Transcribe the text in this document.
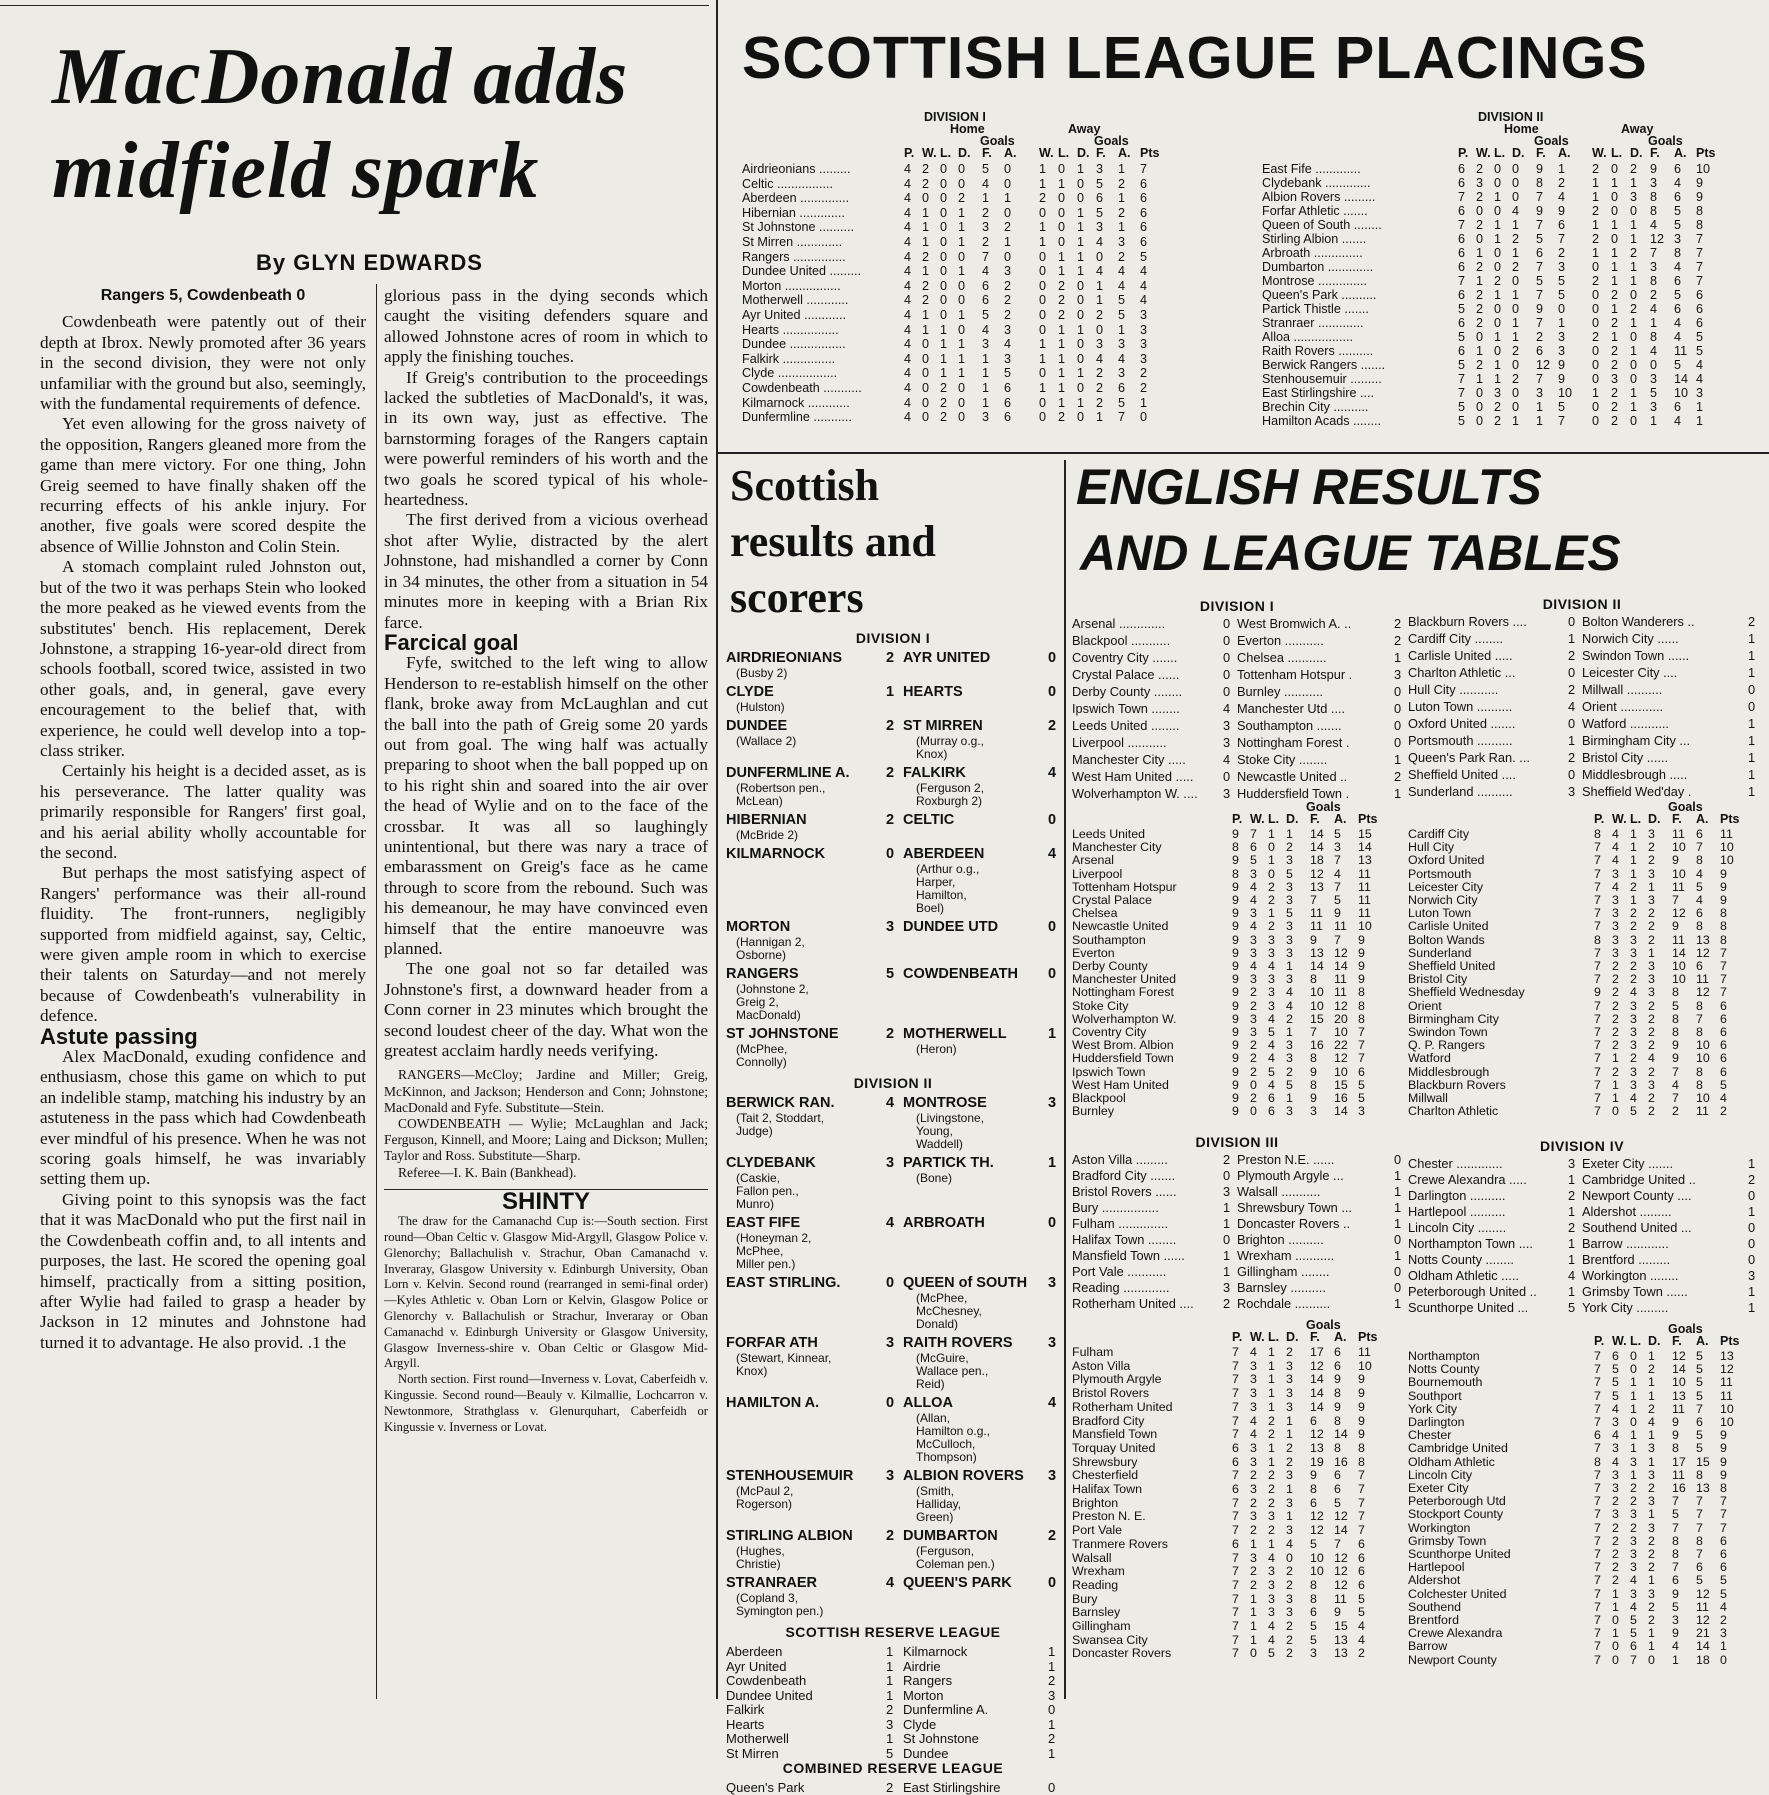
MacDonald adds
midfield spark
By GLYN EDWARDS
Rangers 5, Cowdenbeath 0

Cowdenbeath were patently out of their depth at Ibrox. Newly promoted after 36 years in the second division, they were not only unfamiliar with the ground but also, seemingly, with the fundamental requirements of defence.

Yet even allowing for the gross naivety of the opposition, Rangers gleaned more from the game than mere victory. For one thing, John Greig seemed to have finally shaken off the recurring effects of his ankle injury. For another, five goals were scored despite the absence of Willie Johnston and Colin Stein.

A stomach complaint ruled Johnston out, but of the two it was perhaps Stein who looked the more peaked as he viewed events from the substitutes' bench. His replacement, Derek Johnstone, a strapping 16-year-old direct from schools football, scored twice, assisted in two other goals, and, in general, gave every encouragement to the belief that, with experience, he could well develop into a top-class striker.

Certainly his height is a decided asset, as is his perseverance. The latter quality was primarily responsible for Rangers' first goal, and his aerial ability wholly accountable for the second.

But perhaps the most satisfying aspect of Rangers' performance was their all-round fluidity. The front-runners, negligibly supported from midfield against, say, Celtic, were given ample room in which to exercise their talents on Saturday—and not merely because of Cowdenbeath's vulnerability in defence.

Astute passing

Alex MacDonald, exuding confidence and enthusiasm, chose this game on which to put an indelible stamp, matching his industry by an astuteness in the pass which had Cowdenbeath ever mindful of his presence. When he was not scoring goals himself, he was invariably setting them up.

Giving point to this synopsis was the fact that it was MacDonald who put the first nail in the Cowdenbeath coffin and, to all intents and purposes, the last. He scored the opening goal himself, practically from a sitting position, after Wylie had failed to grasp a header by Jackson in 12 minutes and Johnstone had turned it to advantage. He also provid. .1 the

glorious pass in the dying seconds which caught the visiting defenders square and allowed Johnstone acres of room in which to apply the finishing touches.

If Greig's contribution to the proceedings lacked the subtleties of MacDonald's, it was, in its own way, just as effective. The barnstorming forages of the Rangers captain were powerful reminders of his worth and the two goals he scored typical of his whole-heartedness.

The first derived from a vicious overhead shot after Wylie, distracted by the alert Johnstone, had mishandled a corner by Conn in 34 minutes, the other from a situation in 54 minutes more in keeping with a Brian Rix farce.

Farcical goal

Fyfe, switched to the left wing to allow Henderson to re-establish himself on the other flank, broke away from McLaughlan and cut the ball into the path of Greig some 20 yards out from goal. The wing half was actually preparing to shoot when the ball popped up on to his right shin and soared into the air over the head of Wylie and on to the face of the crossbar. It was all so laughingly unintentional, but there was nary a trace of embarassment on Greig's face as he came through to score from the rebound. Such was his demeanour, he may have convinced even himself that the entire manoeuvre was planned.

The one goal not so far detailed was Johnstone's first, a downward header from a Conn corner in 23 minutes which brought the second loudest cheer of the day. What won the greatest acclaim hardly needs verifying.

RANGERS—McCloy; Jardine and Miller; Greig, McKinnon, and Jackson; Henderson and Conn; Johnstone; MacDonald and Fyfe. Substitute—Stein.

COWDENBEATH — Wylie; McLaughlan and Jack; Ferguson, Kinnell, and Moore; Laing and Dickson; Mullen; Taylor and Ross. Substitute—Sharp.

Referee—I. K. Bain (Bankhead).

SHINTY

The draw for the Camanachd Cup is:—South section. First round—Oban Celtic v. Glasgow Mid-Argyll, Glasgow Police v. Glenorchy; Ballachulish v. Strachur, Oban Camanachd v. Inveraray, Glasgow University v. Edinburgh University, Oban Lorn v. Kelvin. Second round (rearranged in semi-final order)—Kyles Athletic v. Oban Lorn or Kelvin, Glasgow Police or Glenorchy v. Ballachulish or Strachur, Inveraray or Oban Camanachd v. Edinburgh University or Glasgow University, Glasgow Inverness-shire v. Oban Celtic or Glasgow Mid-Argyll.

North section. First round—Inverness v. Lovat, Caberfeidh v. Kingussie. Second round—Beauly v. Kilmallie, Lochcarron v. Newtonmore, Strathglass v. Glenurquhart, Caberfeidh or Kingussie v. Inverness or Lovat.

SCOTTISH LEAGUE PLACINGS
DIVISION I
Home	Away
Goals	Goals
P. W. L. D. F. A. W. L. D. F. A. Pts
Airdrieonians .........	4 2 0 0 5 0 1 0 1 3 1 7
Celtic ................	4 2 0 0 4 0 1 1 0 5 2 6
Aberdeen ..............	4 0 0 2 1 1 2 0 0 6 1 6
Hibernian .............	4 1 0 1 2 0 0 0 1 5 2 6
St Johnstone ..........	4 1 0 1 3 2 1 0 1 3 1 6
St Mirren .............	4 1 0 1 2 1 1 0 1 4 3 6
Rangers ...............	4 2 0 0 7 0 0 1 1 0 2 5
Dundee United .........	4 1 0 1 4 3 0 1 1 4 4 4
Morton ................	4 2 0 0 6 2 0 2 0 1 4 4
Motherwell ............	4 2 0 0 6 2 0 2 0 1 5 4
Ayr United ............	4 1 0 1 5 2 0 2 0 2 5 3
Hearts ................	4 1 1 0 4 3 0 1 1 0 1 3
Dundee ................	4 0 1 1 3 4 1 1 0 3 3 3
Falkirk ...............	4 0 1 1 1 3 1 1 0 4 4 3
Clyde .................	4 0 1 1 1 5 0 1 1 2 3 2
Cowdenbeath ...........	4 0 2 0 1 6 1 1 0 2 6 2
Kilmarnock ............	4 0 2 0 1 6 0 1 1 2 5 1
Dunfermline ...........	4 0 2 0 3 6 0 2 0 1 7 0
DIVISION II
Home	Away
Goals	Goals
P. W. L. D. F. A. W. L. D. F. A. Pts
East Fife .............	6 2 0 0 9 1 2 0 2 9 6 10
Clydebank .............	6 3 0 0 8 2 1 1 1 3 4 9
Albion Rovers .........	7 2 1 0 7 4 1 0 3 8 6 9
Forfar Athletic .......	6 0 0 4 9 9 2 0 0 8 5 8
Queen of South ........	7 2 1 1 7 6 1 1 1 4 5 8
Stirling Albion .......	6 0 1 2 5 7 2 0 1 12 3 7
Arbroath ..............	6 1 0 1 6 2 1 1 2 7 8 7
Dumbarton .............	6 2 0 2 7 3 0 1 1 3 4 7
Montrose ..............	7 1 2 0 5 5 2 1 1 8 6 7
Queen's Park ..........	6 2 1 1 7 5 0 2 0 2 5 6
Partick Thistle .......	5 2 0 0 9 0 0 1 2 4 6 6
Stranraer .............	6 2 0 1 7 1 0 2 1 1 4 6
Alloa .................	5 0 1 1 2 3 2 1 0 8 4 5
Raith Rovers ..........	6 1 0 2 6 3 0 2 1 4 11 5
Berwick Rangers .......	5 2 1 0 12 9 0 2 0 0 5 4
Stenhousemuir .........	7 1 1 2 7 9 0 3 0 3 14 4
East Stirlingshire ....	7 0 3 0 3 10 1 2 1 5 10 3
Brechin City ..........	5 0 2 0 1 5 0 2 1 3 6 1
Hamilton Acads ........	5 0 2 1 1 7 0 2 0 1 4 1
Scottish
results and
scorers
DIVISION I
AIRDRIEONIANS	2 AYR UNITED	0
(Busby 2)
CLYDE	1 HEARTS	0
(Hulston)
DUNDEE	2 ST MIRREN	2
(Wallace 2)	(Murray o.g.,
Knox)
DUNFERMLINE A.	2 FALKIRK	4
(Robertson pen.,
McLean)
(Ferguson 2,
Roxburgh 2)
HIBERNIAN	2 CELTIC	0
(McBride 2)
KILMARNOCK	0 ABERDEEN	4
(Arthur o.g.,
Harper,
Hamilton,
Boel)
MORTON	3 DUNDEE UTD	0
(Hannigan 2,
Osborne)
RANGERS	5 COWDENBEATH 0
(Johnstone 2,
Greig 2,
MacDonald)
ST JOHNSTONE	2 MOTHERWELL	1
(McPhee,
Connolly)
(Heron)
DIVISION II
BERWICK RAN.	4 MONTROSE	3
(Tait 2, Stoddart,
Judge)
(Livingstone,
Young,
Waddell)
CLYDEBANK	3 PARTICK TH.	1
(Caskie,
Fallon pen.,
Munro)
(Bone)
EAST FIFE	4 ARBROATH	0
(Honeyman 2,
McPhee,
Miller pen.)
EAST STIRLING.	0 QUEEN of SOUTH 3
(McPhee,
McChesney,
Donald)
FORFAR ATH	3 RAITH ROVERS 3
(Stewart, Kinnear,
Knox)
(McGuire,
Wallace pen.,
Reid)
HAMILTON A.	0 ALLOA	4
(Allan,
Hamilton o.g.,
McCulloch,
Thompson)
STENHOUSEMUIR 3 ALBION ROVERS 3
(McPaul 2,
Rogerson)
(Smith,
Halliday,
Green)
STIRLING ALBION 2 DUMBARTON	2
(Hughes,
Christie)
(Ferguson,
Coleman pen.)
STRANRAER	4 QUEEN'S PARK	0
(Copland 3,
Symington pen.)
SCOTTISH RESERVE LEAGUE
Aberdeen	1 Kilmarnock	1
Ayr United	1 Airdrie	1
Cowdenbeath	1 Rangers	2
Dundee United	1 Morton	3
Falkirk	2 Dunfermline A.	0
Hearts	3 Clyde	1
Motherwell	1 St Johnstone	2
St Mirren	5 Dundee	1
COMBINED RESERVE LEAGUE
Queen's Park	2 East Stirlingshire	0
ENGLISH RESULTS
AND LEAGUE TABLES
DIVISION I
Arsenal .............	0 West Bromwich A. ..	2
Blackpool ...........	0 Everton ...........	2
Coventry City .......	0 Chelsea ...........	1
Crystal Palace ......	0 Tottenham Hotspur .	3
Derby County ........	0 Burnley ...........	0
Ipswich Town ........	4 Manchester Utd ....	0
Leeds United ........	3 Southampton .......	0
Liverpool ...........	3 Nottingham Forest .	0
Manchester City .....	4 Stoke City ........	1
West Ham United ..... 0 Newcastle United ..	2
Wolverhampton W. .... 3 Huddersfield Town .	1
Goals
P. W. L. D. F. A. Pts
Leeds United	9 7 1 1 14 5 15
Manchester City	8 6 0 2 14 3 14
Arsenal	9 5 1 3 18 7 13
Liverpool	8 3 0 5 12 4 11
Tottenham Hotspur	9 4 2 3 13 7 11
Crystal Palace	9 4 2 3 7 5 11
Chelsea	9 3 1 5 11 9 11
Newcastle United	9 4 2 3 11 11 10
Southampton	9 3 3 3 9 7 9
Everton	9 3 3 3 13 12 9
Derby County	9 4 4 1 14 14 9
Manchester United	9 3 3 3 8 11 9
Nottingham Forest	9 2 3 4 10 11 8
Stoke City	9 2 3 4 10 12 8
Wolverhampton W.	9 3 4 2 15 20 8
Coventry City	9 3 5 1 7 10 7
West Brom. Albion	9 2 4 3 16 22 7
Huddersfield Town	9 2 4 3 8 12 7
Ipswich Town	9 2 5 2 9 10 6
West Ham United	9 0 4 5 8 15 5
Blackpool	9 2 6 1 9 16 5
Burnley	9 0 6 3 3 14 3
DIVISION II
Blackburn Rovers ....	0 Bolton Wanderers ..	2
Cardiff City ........	1 Norwich City ......	1
Carlisle United .....	2 Swindon Town ......	1
Charlton Athletic ...	0 Leicester City ....	1
Hull City ...........	2 Millwall ..........	0
Luton Town ..........	4 Orient ............	0
Oxford United .......	0 Watford ...........	1
Portsmouth ..........	1 Birmingham City ...	1
Queen's Park Ran. ...	2 Bristol City ......	1
Sheffield United ....	0 Middlesbrough .....	1
Sunderland ..........	3 Sheffield Wed'day .	1
Goals
P. W. L. D. F. A. Pts
Cardiff City	8 4 1 3 11 6 11
Hull City	7 4 1 2 10 7 10
Oxford United	7 4 1 2 9 8 10
Portsmouth	7 3 1 3 10 4 9
Leicester City	7 4 2 1 11 5 9
Norwich City	7 3 1 3 7 4 9
Luton Town	7 3 2 2 12 6 8
Carlisle United	7 3 2 2 9 8 8
Bolton Wands	8 3 3 2 11 13 8
Sunderland	7 3 3 1 14 12 7
Sheffield United	7 2 2 3 10 6 7
Bristol City	7 2 2 3 10 11 7
Sheffield Wednesday	9 2 4 3 8 12 7
Orient	7 2 3 2 5 8 6
Birmingham City	7 2 3 2 8 7 6
Swindon Town	7 2 3 2 8 8 6
Q. P. Rangers	7 2 3 2 9 10 6
Watford	7 1 2 4 9 10 6
Middlesbrough	7 2 3 2 7 8 6
Blackburn Rovers	7 1 3 3 4 8 5
Millwall	7 1 4 2 7 10 4
Charlton Athletic	7 0 5 2 2 11 2
DIVISION III
Aston Villa .........	2 Preston N.E. ......	0
Bradford City .......	0 Plymouth Argyle ...	1
Bristol Rovers ......	3 Walsall ...........	1
Bury ................	1 Shrewsbury Town ...	1
Fulham ..............	1 Doncaster Rovers ..	1
Halifax Town ........	0 Brighton ..........	0
Mansfield Town ......	1 Wrexham ...........	1
Port Vale ...........	1 Gillingham ........	0
Reading .............	3 Barnsley ..........	0
Rotherham United .... 2 Rochdale ..........	1
Goals
P. W. L. D. F. A. Pts
Fulham	7 4 1 2 17 6 11
Aston Villa	7 3 1 3 12 6 10
Plymouth Argyle	7 3 1 3 14 9 9
Bristol Rovers	7 3 1 3 14 8 9
Rotherham United	7 3 1 3 14 9 9
Bradford City	7 4 2 1 6 8 9
Mansfield Town	7 4 2 1 12 14 9
Torquay United	6 3 1 2 13 8 8
Shrewsbury	6 3 1 2 19 16 8
Chesterfield	7 2 2 3 9 6 7
Halifax Town	6 3 2 1 8 6 7
Brighton	7 2 2 3 6 5 7
Preston N. E.	7 3 3 1 12 12 7
Port Vale	7 2 2 3 12 14 7
Tranmere Rovers	6 1 1 4 5 7 6
Walsall	7 3 4 0 10 12 6
Wrexham	7 2 3 2 10 12 6
Reading	7 2 3 2 8 12 6
Bury	7 1 3 3 8 11 5
Barnsley	7 1 3 3 6 9 5
Gillingham	7 1 4 2 5 15 4
Swansea City	7 1 4 2 5 13 4
Doncaster Rovers	7 0 5 2 3 13 2
DIVISION IV
Chester .............	3 Exeter City .......	1
Crewe Alexandra .....	1 Cambridge United ..	2
Darlington ..........	2 Newport County ....	0
Hartlepool ..........	1 Aldershot .........	1
Lincoln City ........	2 Southend United ...	0
Northampton Town ....	1 Barrow ............	0
Notts County ........	1 Brentford .........	0
Oldham Athletic .....	4 Workington ........	3
Peterborough United .. 1 Grimsby Town ......	1
Scunthorpe United ...	5 York City .........	1
Goals
P. W. L. D. F. A. Pts
Northampton	7 6 0 1 12 5 13
Notts County	7 5 0 2 14 5 12
Bournemouth	7 5 1 1 10 5 11
Southport	7 5 1 1 13 5 11
York City	7 4 1 2 11 7 10
Darlington	7 3 0 4 9 6 10
Chester	6 4 1 1 9 5 9
Cambridge United	7 3 1 3 8 5 9
Oldham Athletic	8 4 3 1 17 15 9
Lincoln City	7 3 1 3 11 8 9
Exeter City	7 3 2 2 16 13 8
Peterborough Utd	7 2 2 3 7 7 7
Stockport County	7 3 3 1 5 7 7
Workington	7 2 2 3 7 7 7
Grimsby Town	7 2 3 2 8 8 6
Scunthorpe United	7 2 3 2 8 7 6
Hartlepool	7 2 3 2 7 6 6
Aldershot	7 2 4 1 6 5 5
Colchester United	7 1 3 3 9 12 5
Southend	7 1 4 2 5 11 4
Brentford	7 0 5 2 3 12 2
Crewe Alexandra	7 1 5 1 9 21 3
Barrow	7 0 6 1 4 14 1
Newport County	7 0 7 0 1 18 0
